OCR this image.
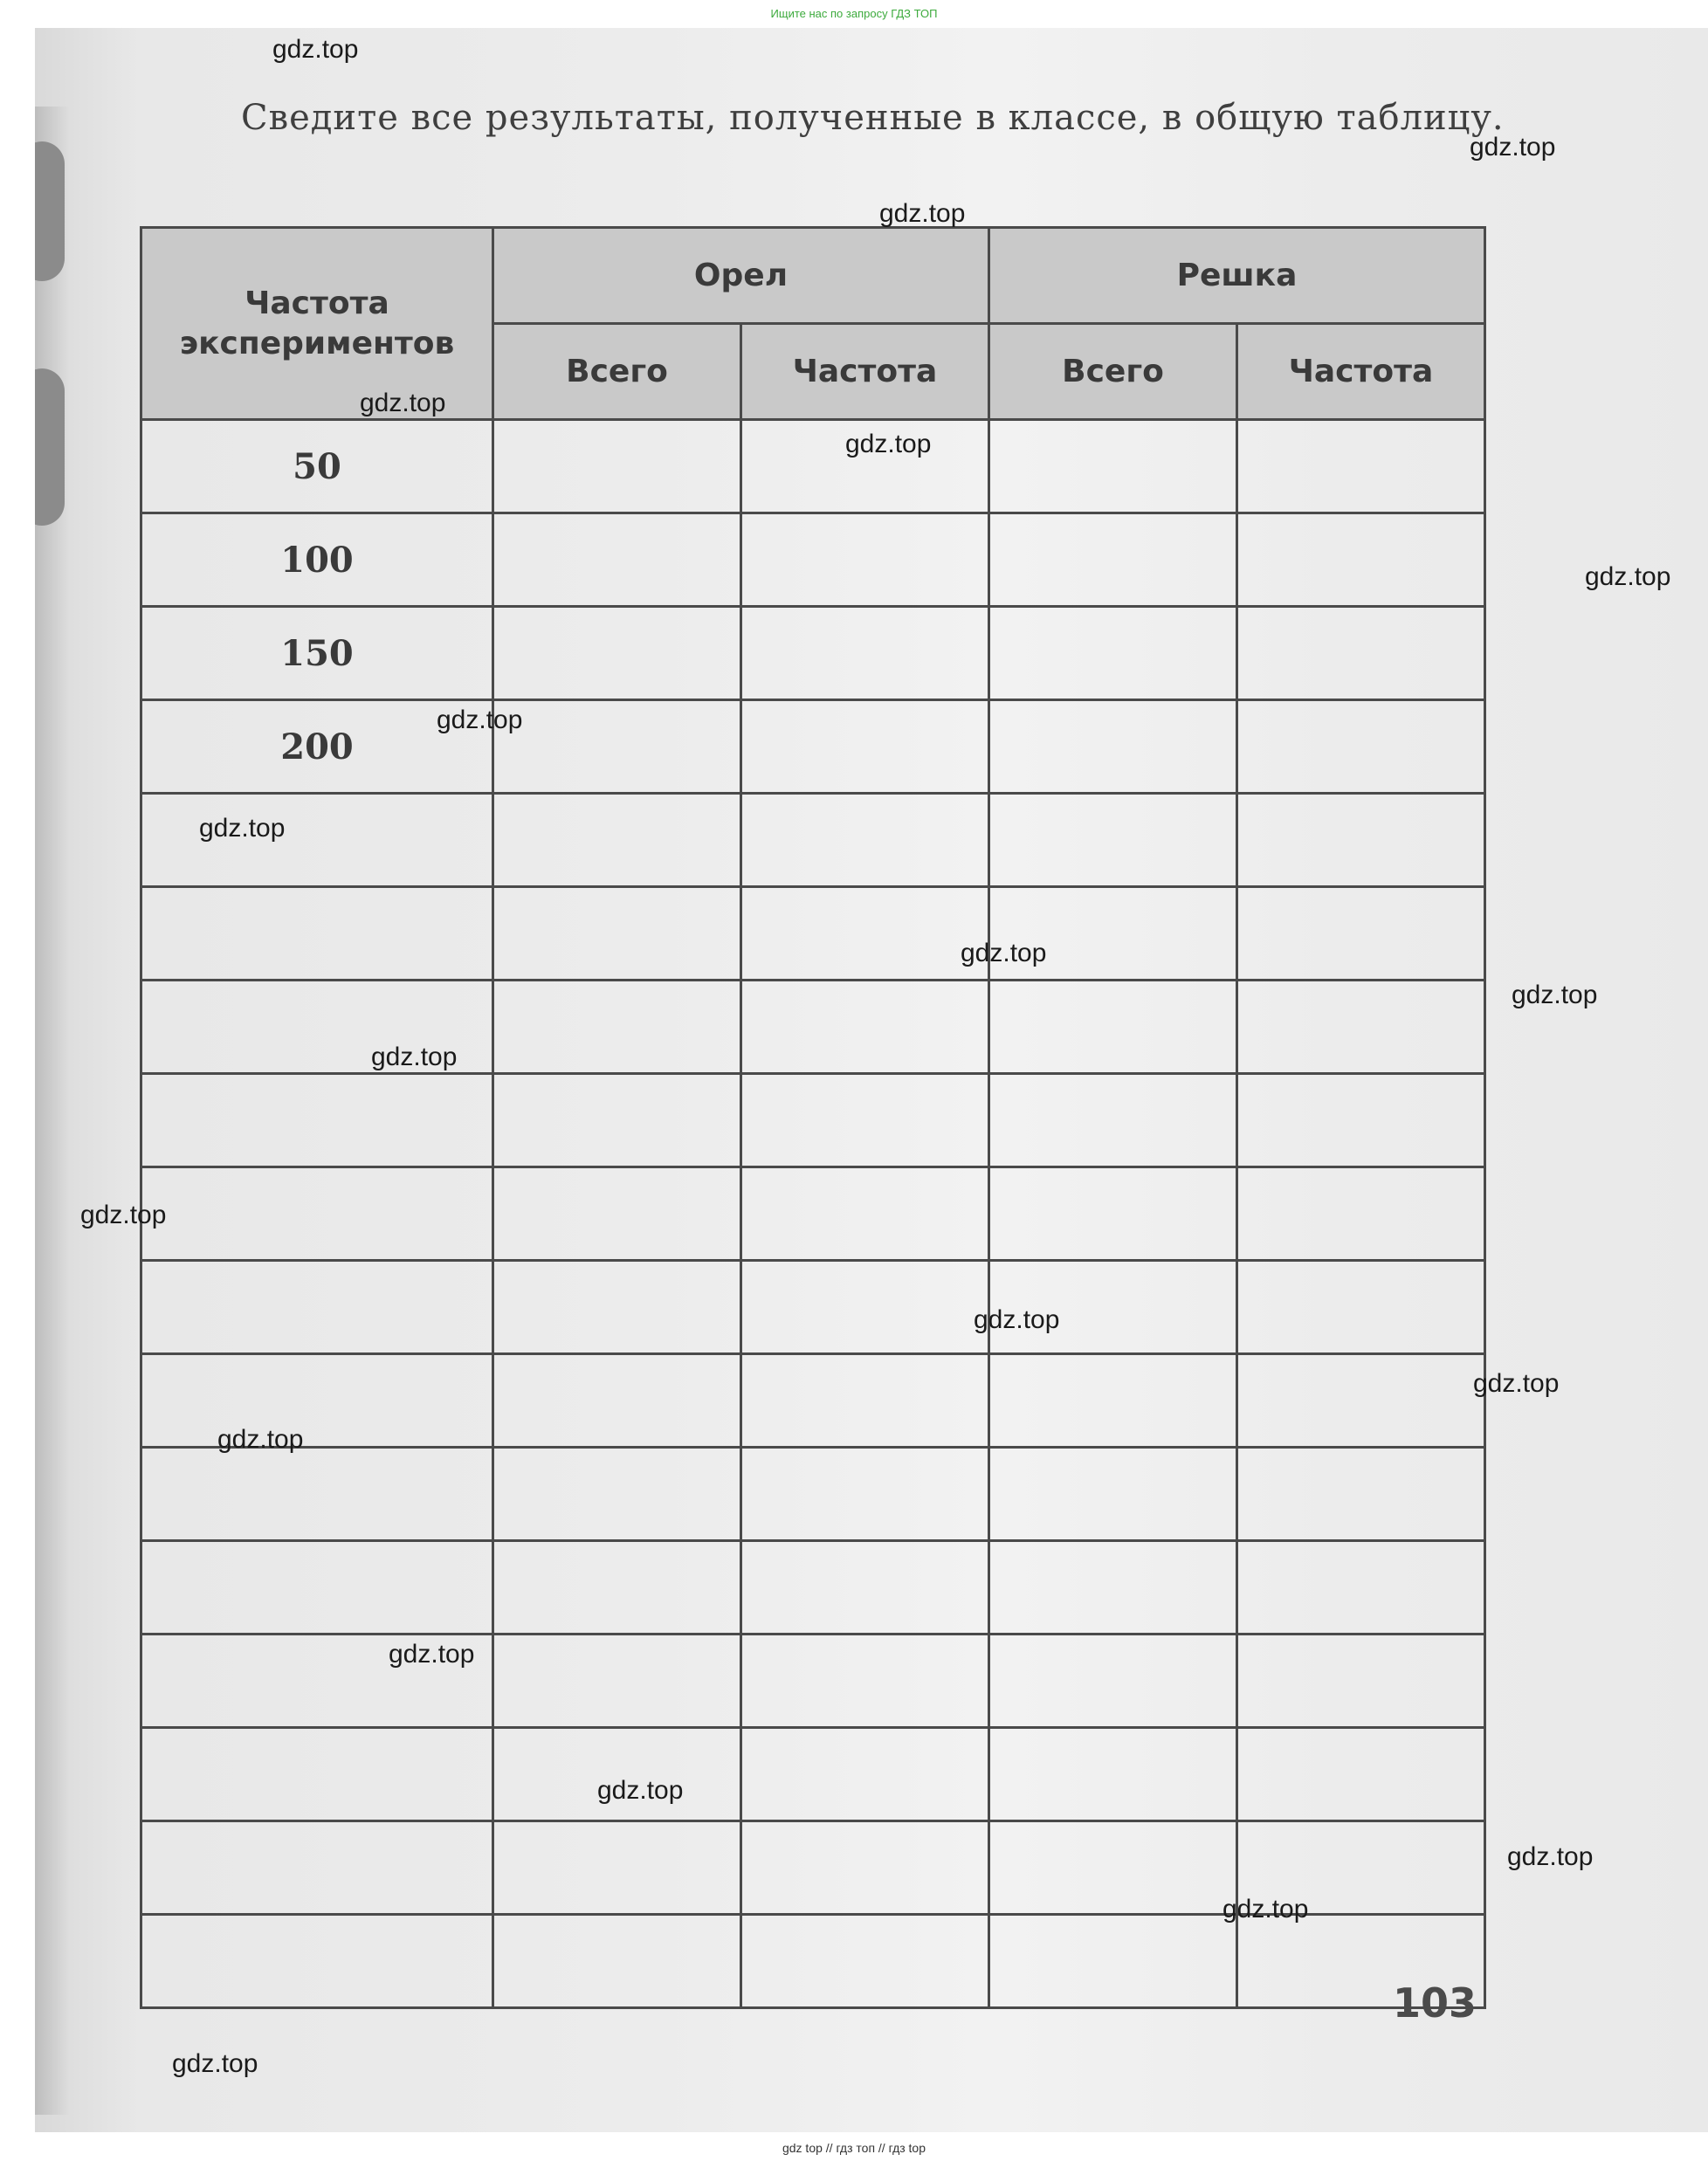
Ищите нас по запросу ГДЗ ТОП
Сведите все результаты, полученные в классе, в общую таблицу.
Частота экспериментов	Орел		Решка	
	Всего	Частота	Всего	Частота
50				
100				
150				
200				

103
gdz.top
gdz.top
gdz.top
gdz.top
gdz.top
gdz.top
gdz.top
gdz.top
gdz.top
gdz.top
gdz.top
gdz.top
gdz.top
gdz.top
gdz.top
gdz.top
gdz.top
gdz.top
gdz.top
gdz.top
gdz top // гдз топ // гдз top
